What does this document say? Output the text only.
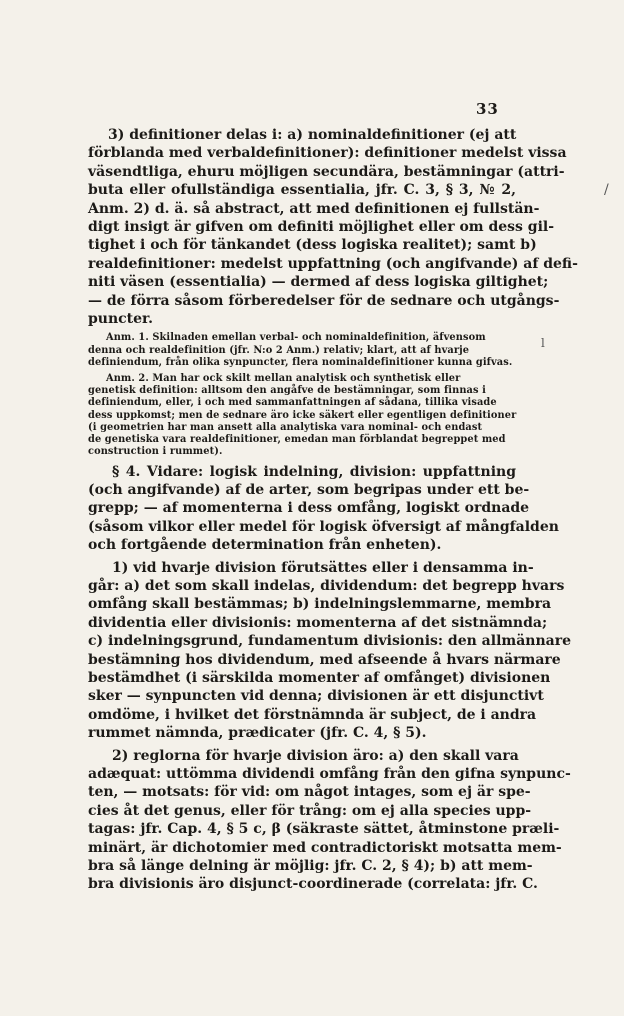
33
/
l
3) definitioner delas i: a) nominaldefinitioner (ej att
förblanda med verbaldefinitioner): definitioner medelst vissa
väsendtliga, ehuru möjligen secundära, bestämningar (attri-
buta eller ofullständiga essentialia, jfr. C. 3, § 3, № 2,
Anm. 2) d. ä. så abstract, att med definitionen ej fullstän-
digt insigt är gifven om definiti möjlighet eller om dess gil-
tighet i och för tänkandet (dess logiska realitet); samt b)
realdefinitioner: medelst uppfattning (och angifvande) af defi-
niti väsen (essentialia) — dermed af dess logiska giltighet;
— de förra såsom förberedelser för de sednare och utgångs-
puncter.
Anm. 1. Skilnaden emellan verbal- och nominaldefinition, äfvensom
denna och realdefinition (jfr. N:o 2 Anm.) relativ; klart, att af hvarje
definiendum, från olika synpuncter, flera nominaldefinitioner kunna gifvas.
Anm. 2. Man har ock skilt mellan analytisk och synthetisk eller
genetisk definition: alltsom den angåfve de bestämningar, som finnas i
definiendum, eller, i och med sammanfattningen af sådana, tillika visade
dess uppkomst; men de sednare äro icke säkert eller egentligen definitioner
(i geometrien har man ansett alla analytiska vara nominal- och endast
de genetiska vara realdefinitioner, emedan man förblandat begreppet med
construction i rummet).
§ 4. Vidare: logisk indelning, division: uppfattning
(och angifvande) af de arter, som begripas under ett be-
grepp; — af momenterna i dess omfång, logiskt ordnade
(såsom vilkor eller medel för logisk öfversigt af mångfalden
och fortgående determination från enheten).
1) vid hvarje division förutsättes eller i densamma in-
går: a) det som skall indelas, dividendum: det begrepp hvars
omfång skall bestämmas; b) indelningslemmarne, membra
dividentia eller divisionis: momenterna af det sistnämnda;
c) indelningsgrund, fundamentum divisionis: den allmännare
bestämning hos dividendum, med afseende å hvars närmare
bestämdhet (i särskilda momenter af omfånget) divisionen
sker — synpuncten vid denna; divisionen är ett disjunctivt
omdöme, i hvilket det förstnämnda är subject, de i andra
rummet nämnda, prædicater (jfr. C. 4, § 5).
2) reglorna för hvarje division äro: a) den skall vara
adæquat: uttömma dividendi omfång från den gifna synpunc-
ten, — motsats: för vid: om något intages, som ej är spe-
cies åt det genus, eller för trång: om ej alla species upp-
tagas: jfr. Cap. 4, § 5 c, β (säkraste sättet, åtminstone præli-
minärt, är dichotomier med contradictoriskt motsatta mem-
bra så länge delning är möjlig: jfr. C. 2, § 4); b) att mem-
bra divisionis äro disjunct-coordinerade (correlata: jfr. C.
